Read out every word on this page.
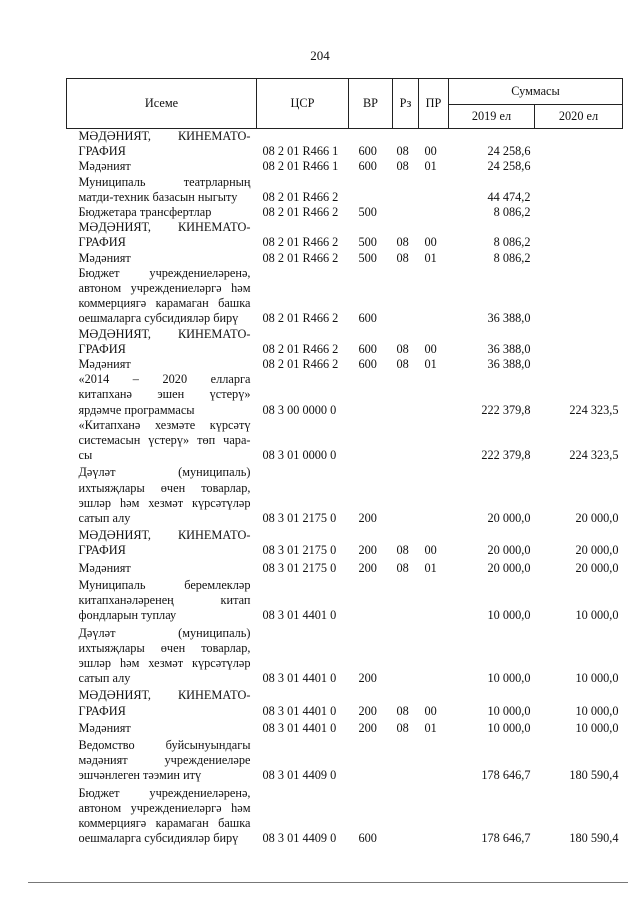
204
Исеме	ЦСР	ВР	Рз	ПР	Суммасы	
					2019 ел	2020 ел

МӘДӘНИЯТ, КИНЕМАТО-
ГРАФИЯ	08 2 01 R466 1	600	08	00	24 258,6	

Мәдәният	08 2 01 R466 1	600	08	01	24 258,6	

Муниципаль театрларның
матди-техник базасын ныгыту	08 2 01 R466 2				44 474,2	

Бюджетара трансфертлар	08 2 01 R466 2	500			8 086,2	

МӘДӘНИЯТ, КИНЕМАТО-
ГРАФИЯ	08 2 01 R466 2	500	08	00	8 086,2	

Мәдәният	08 2 01 R466 2	500	08	01	8 086,2	

Бюджет учреждениеләренә,
автоном учреждениеләргә һәм
коммерциягә карамаган башка
оешмаларга субсидияләр бирү	08 2 01 R466 2	600			36 388,0	

МӘДӘНИЯТ, КИНЕМАТО-
ГРАФИЯ	08 2 01 R466 2	600	08	00	36 388,0	

Мәдәният	08 2 01 R466 2	600	08	01	36 388,0	

«2014 – 2020 елларга
китапханә эшен үстерү»
ярдәмче программасы	08 3 00 0000 0				222 379,8	224 323,5

«Китапханә хезмәте күрсәтү
системасын үстерү» төп чара-
сы	08 3 01 0000 0				222 379,8	224 323,5

Дәүләт (муниципаль)
ихтыяҗлары өчен товарлар,
эшләр һәм хезмәт күрсәтүләр
сатып алу	08 3 01 2175 0	200			20 000,0	20 000,0

МӘДӘНИЯТ, КИНЕМАТО-
ГРАФИЯ	08 3 01 2175 0	200	08	00	20 000,0	20 000,0

Мәдәният	08 3 01 2175 0	200	08	01	20 000,0	20 000,0

Муниципаль беремлекләр
китапханәләренең китап
фондларын туплау	08 3 01 4401 0				10 000,0	10 000,0

Дәүләт (муниципаль)
ихтыяҗлары өчен товарлар,
эшләр һәм хезмәт күрсәтүләр
сатып алу	08 3 01 4401 0	200			10 000,0	10 000,0

МӘДӘНИЯТ, КИНЕМАТО-
ГРАФИЯ	08 3 01 4401 0	200	08	00	10 000,0	10 000,0

Мәдәният	08 3 01 4401 0	200	08	01	10 000,0	10 000,0

Ведомство буйсынуындагы
мәдәният учреждениеләре
эшчәнлеген тәэмин итү	08 3 01 4409 0				178 646,7	180 590,4

Бюджет учреждениеләренә,
автоном учреждениеләргә һәм
коммерциягә карамаган башка
оешмаларга субсидияләр бирү	08 3 01 4409 0	600			178 646,7	180 590,4
